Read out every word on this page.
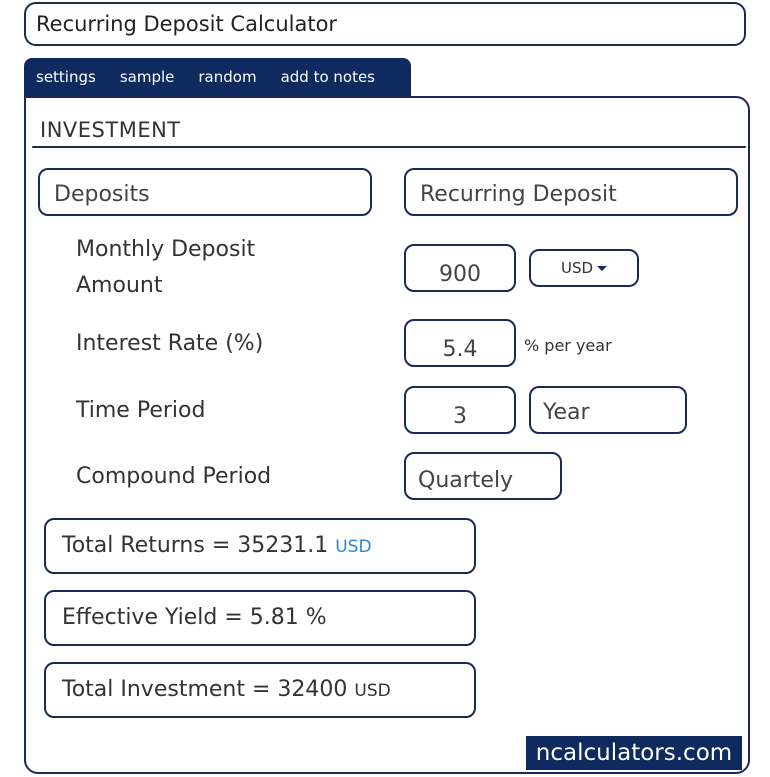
Recurring Deposit Calculator
settings	sample	random	add to notes
INVESTMENT
Deposits	Recurring Deposit
Monthly Deposit
Amount	900	USD
Interest Rate (%)	5.4	% per year
Time Period	3	Year
Compound Period	Quartely
Total Returns = 35231.1 USD
Effective Yield = 5.81 %
Total Investment = 32400 USD
ncalculators.com
